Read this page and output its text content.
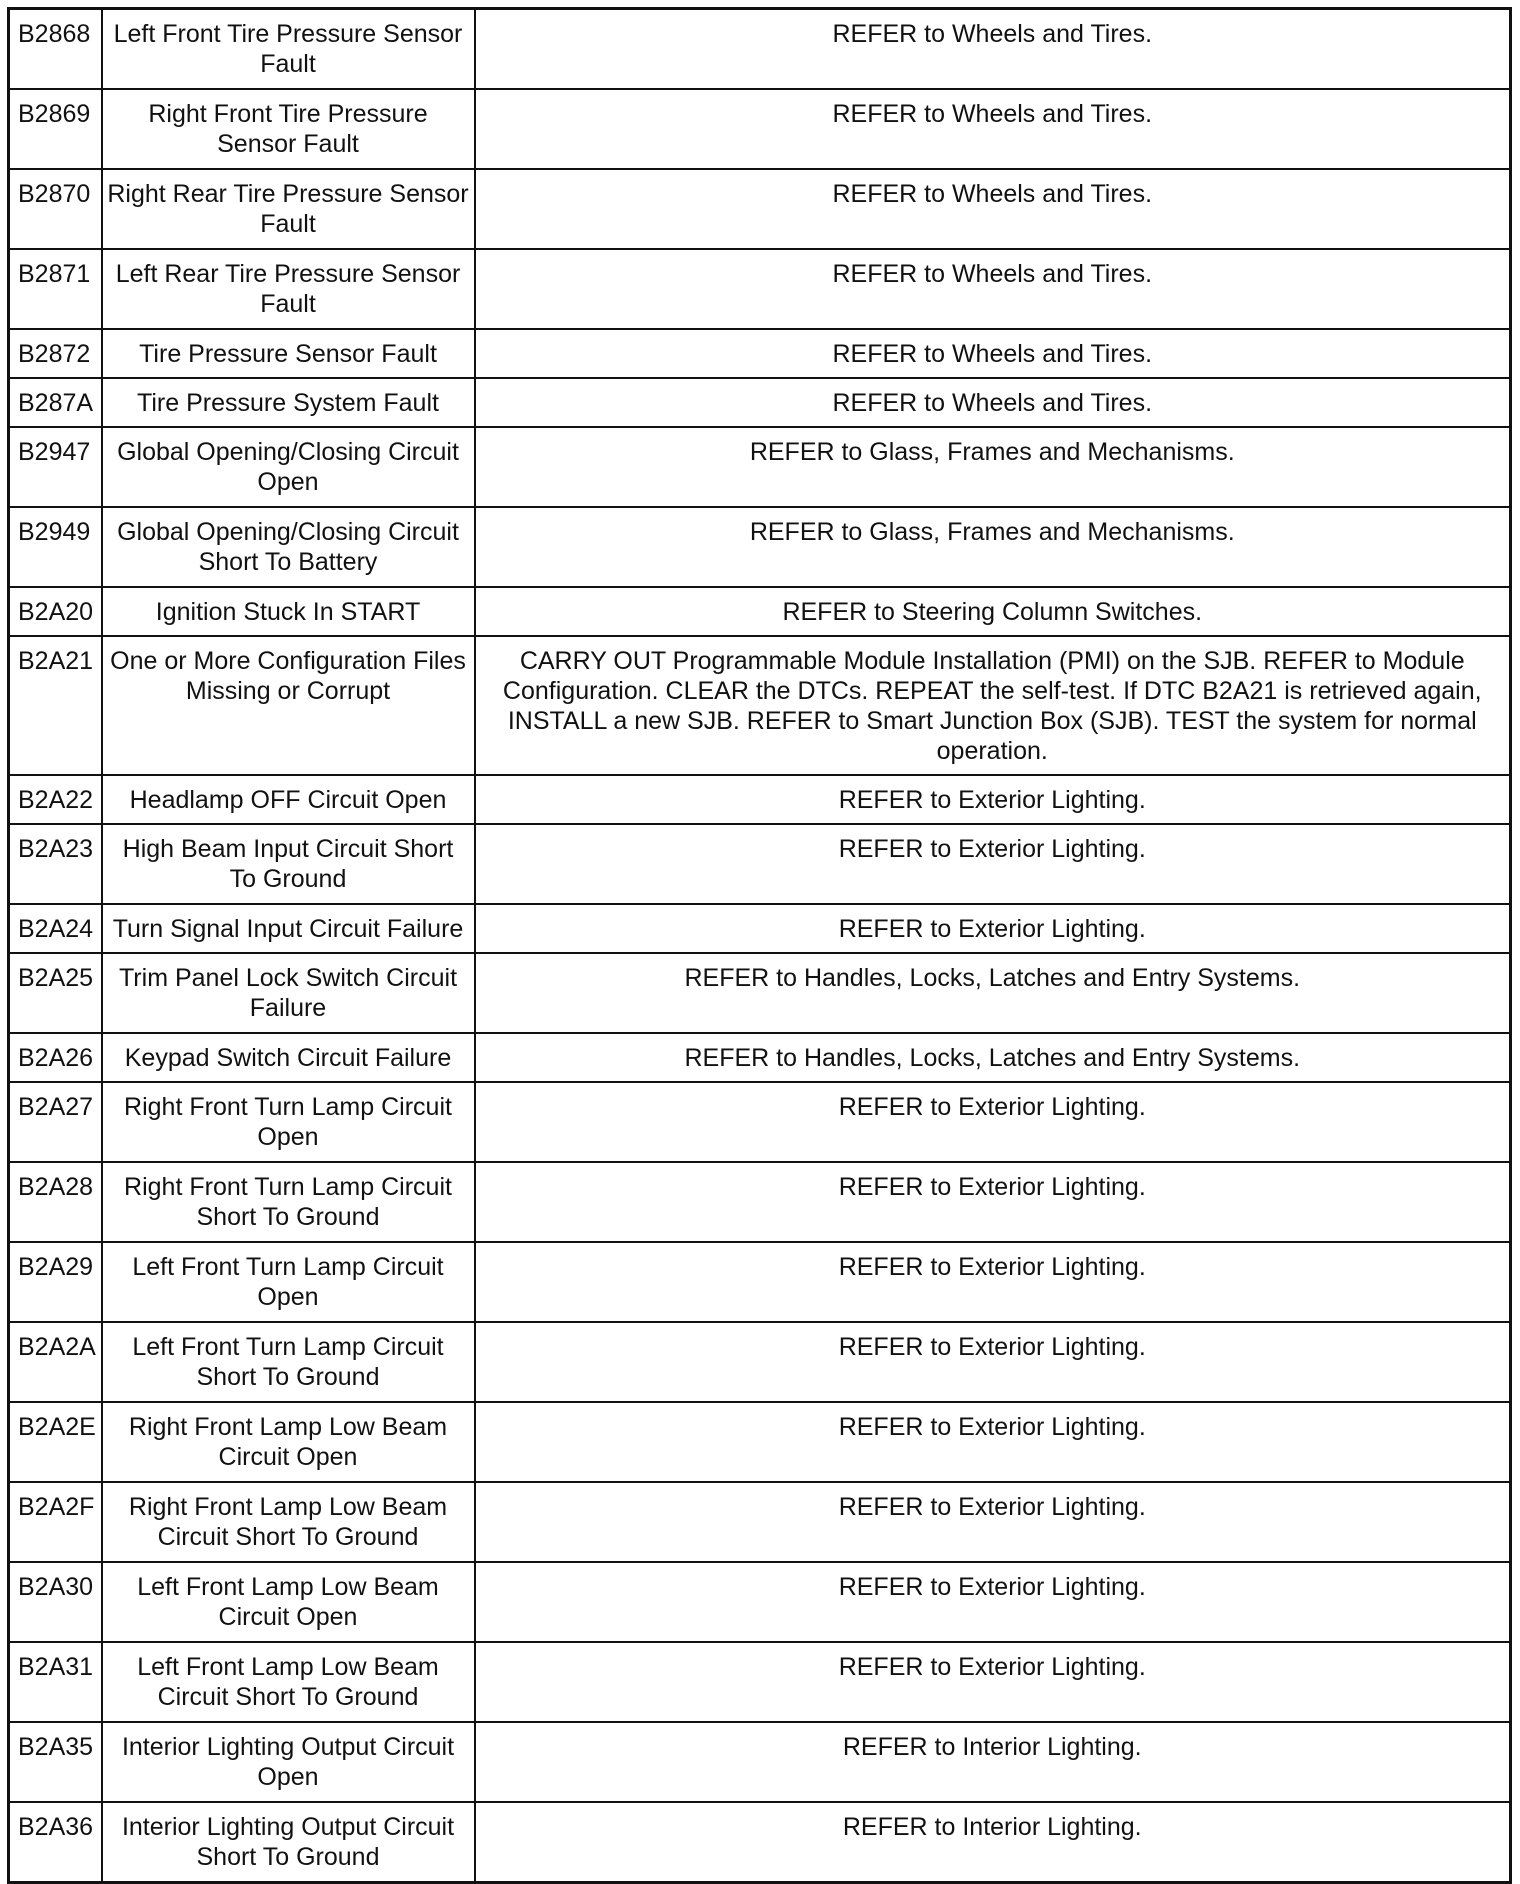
B2868	Left Front Tire Pressure Sensor Fault	REFER to Wheels and Tires.
B2869	Right Front Tire Pressure Sensor Fault	REFER to Wheels and Tires.
B2870	Right Rear Tire Pressure Sensor Fault	REFER to Wheels and Tires.
B2871	Left Rear Tire Pressure Sensor Fault	REFER to Wheels and Tires.
B2872	Tire Pressure Sensor Fault	REFER to Wheels and Tires.
B287A	Tire Pressure System Fault	REFER to Wheels and Tires.
B2947	Global Opening/Closing Circuit Open	REFER to Glass, Frames and Mechanisms.
B2949	Global Opening/Closing Circuit Short To Battery	REFER to Glass, Frames and Mechanisms.
B2A20	Ignition Stuck In START	REFER to Steering Column Switches.
B2A21	One or More Configuration Files Missing or Corrupt	CARRY OUT Programmable Module Installation (PMI) on the SJB. REFER to Module Configuration. CLEAR the DTCs. REPEAT the self-test. If DTC B2A21 is retrieved again, INSTALL a new SJB. REFER to Smart Junction Box (SJB). TEST the system for normal operation.
B2A22	Headlamp OFF Circuit Open	REFER to Exterior Lighting.
B2A23	High Beam Input Circuit Short To Ground	REFER to Exterior Lighting.
B2A24	Turn Signal Input Circuit Failure	REFER to Exterior Lighting.
B2A25	Trim Panel Lock Switch Circuit Failure	REFER to Handles, Locks, Latches and Entry Systems.
B2A26	Keypad Switch Circuit Failure	REFER to Handles, Locks, Latches and Entry Systems.
B2A27	Right Front Turn Lamp Circuit Open	REFER to Exterior Lighting.
B2A28	Right Front Turn Lamp Circuit Short To Ground	REFER to Exterior Lighting.
B2A29	Left Front Turn Lamp Circuit Open	REFER to Exterior Lighting.
B2A2A	Left Front Turn Lamp Circuit Short To Ground	REFER to Exterior Lighting.
B2A2E	Right Front Lamp Low Beam Circuit Open	REFER to Exterior Lighting.
B2A2F	Right Front Lamp Low Beam Circuit Short To Ground	REFER to Exterior Lighting.
B2A30	Left Front Lamp Low Beam Circuit Open	REFER to Exterior Lighting.
B2A31	Left Front Lamp Low Beam Circuit Short To Ground	REFER to Exterior Lighting.
B2A35	Interior Lighting Output Circuit Open	REFER to Interior Lighting.
B2A36	Interior Lighting Output Circuit Short To Ground	REFER to Interior Lighting.
